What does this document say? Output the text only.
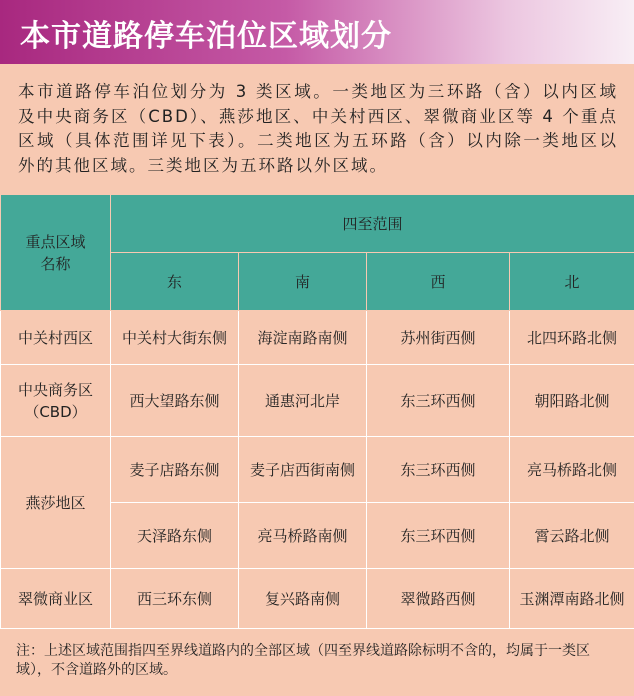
本市道路停车泊位区域划分
本市道路停车泊位划分为 3 类区域。一类地区为三环路（含）以内区域及中央商务区（CBD）、燕莎地区、中关村西区、翠微商业区等 4 个重点区域（具体范围详见下表）。二类地区为五环路（含）以内除一类地区以外的其他区域。三类地区为五环路以外区域。
重点区域
名称	四至范围			
	东	南	西	北
中关村西区	中关村大街东侧	海淀南路南侧	苏州街西侧	北四环路北侧
中央商务区
（CBD）	西大望路东侧	通惠河北岸	东三环西侧	朝阳路北侧
燕莎地区	麦子店路东侧	麦子店西街南侧	东三环西侧	亮马桥路北侧
	天泽路东侧	亮马桥路南侧	东三环西侧	霄云路北侧
翠微商业区	西三环东侧	复兴路南侧	翠微路西侧	玉渊潭南路北侧
注：上述区域范围指四至界线道路内的全部区域（四至界线道路除标明不含的，均属于一类区域），不含道路外的区域。
